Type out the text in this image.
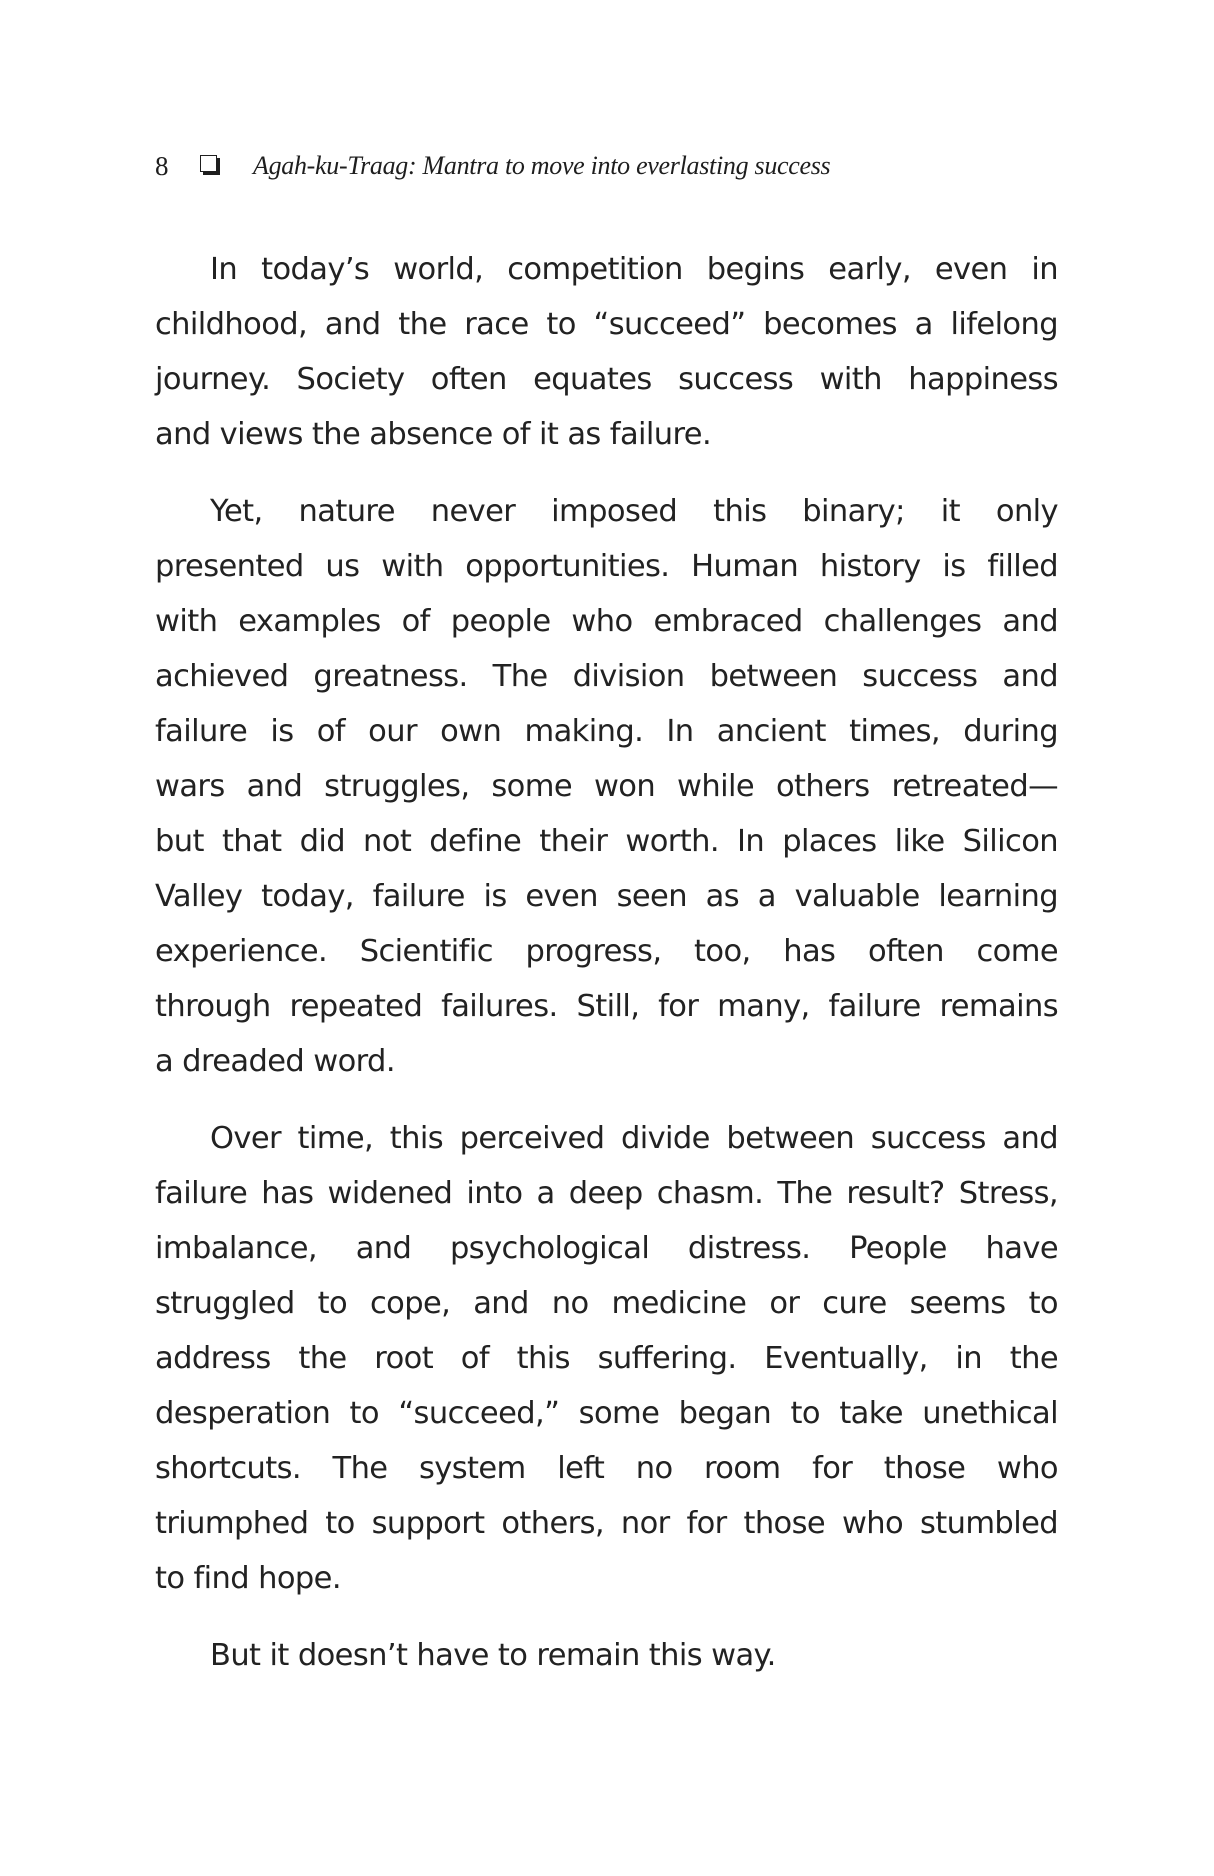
8	Agah-ku-Traag: Mantra to move into everlasting success
In today’s world, competition begins early, even in
childhood, and the race to “succeed” becomes a lifelong
journey. Society often equates success with happiness
and views the absence of it as failure.
Yet, nature never imposed this binary; it only
presented us with opportunities. Human history is filled
with examples of people who embraced challenges and
achieved greatness. The division between success and
failure is of our own making. In ancient times, during
wars and struggles, some won while others retreated—
but that did not define their worth. In places like Silicon
Valley today, failure is even seen as a valuable learning
experience. Scientific progress, too, has often come
through repeated failures. Still, for many, failure remains
a dreaded word.
Over time, this perceived divide between success and
failure has widened into a deep chasm. The result? Stress,
imbalance, and psychological distress. People have
struggled to cope, and no medicine or cure seems to
address the root of this suffering. Eventually, in the
desperation to “succeed,” some began to take unethical
shortcuts. The system left no room for those who
triumphed to support others, nor for those who stumbled
to find hope.
But it doesn’t have to remain this way.
